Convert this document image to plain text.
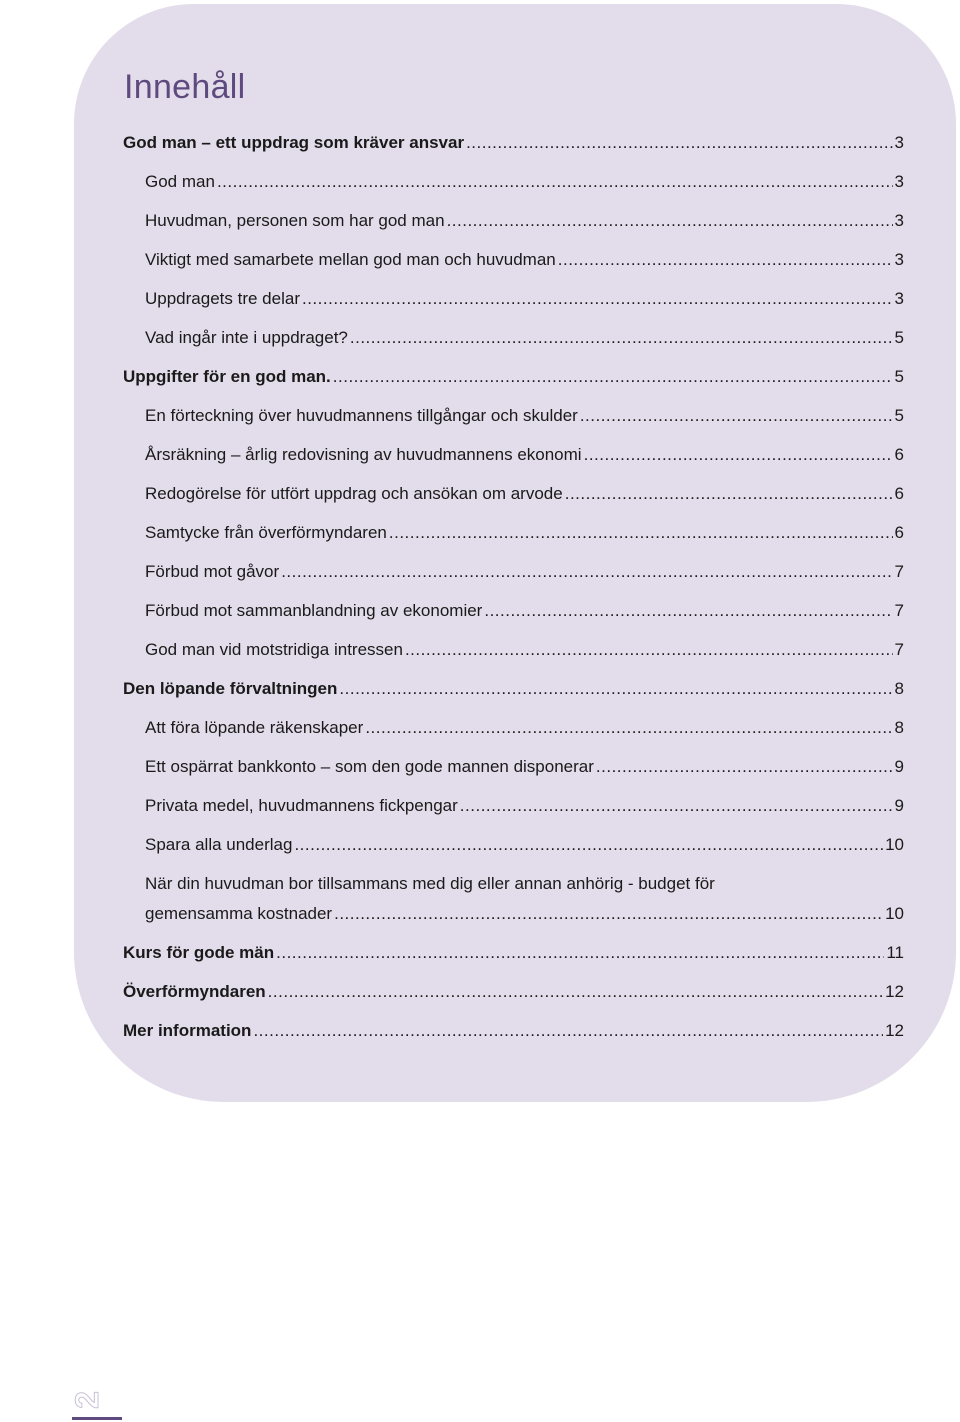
Innehåll
God man – ett uppdrag som kräver ansvar .....	3
God man .....	3
Huvudman, personen som har god man .....	3
Viktigt med samarbete mellan god man och huvudman .....	3
Uppdragets tre delar .....	3
Vad ingår inte i uppdraget? .....	5
Uppgifter för en god man. .....	5
En förteckning över huvudmannens tillgångar och skulder .....	5
Årsräkning – årlig redovisning av huvudmannens ekonomi .....	6
Redogörelse för utfört uppdrag och ansökan om arvode .....	6
Samtycke från överförmyndaren .....	6
Förbud mot gåvor .....	7
Förbud mot sammanblandning av ekonomier .....	7
God man vid motstridiga intressen .....	7
Den löpande förvaltningen .....	8
Att föra löpande räkenskaper .....	8
Ett ospärrat bankkonto – som den gode mannen disponerar .....	9
Privata medel, huvudmannens fickpengar .....	9
Spara alla underlag .....	10
När din huvudman bor tillsammans med dig eller annan anhörig - budget för
gemensamma kostnader .....	10
Kurs för gode män .....	11
Överförmyndaren .....	12
Mer information .....	12
2
